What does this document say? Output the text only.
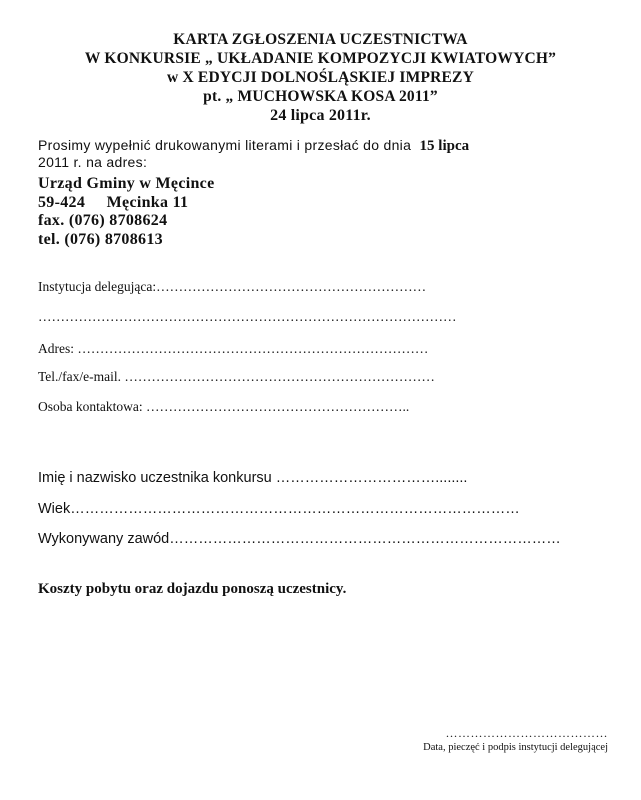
KARTA ZGŁOSZENIA UCZESTNICTWA
W KONKURSIE „ UKŁADANIE KOMPOZYCJI KWIATOWYCH”
w X EDYCJI DOLNOŚLĄSKIEJ IMPREZY
pt. „ MUCHOWSKA KOSA 2011”
24 lipca 2011r.
Prosimy wypełnić drukowanymi literami i przesłać do dnia 15 lipca
2011 r. na adres:
Urząd Gminy w Męcince
59-424 Męcinka 11
fax. (076) 8708624
tel. (076) 8708613
Instytucja delegująca:……………………………………………………
…………………………………………………………………………………
Adres: ……………………………………………………………………
Tel./fax/e-mail. ……………………………………………………………
Osoba kontaktowa: …………………………………………………..
Imię i nazwisko uczestnika konkursu ……………………………........
Wiek…………………………………………………………………………………
Wykonywany zawód………………………………………………………………………
Koszty pobytu oraz dojazdu ponoszą uczestnicy.
…………………………………
Data, pieczęć i podpis instytucji delegującej
